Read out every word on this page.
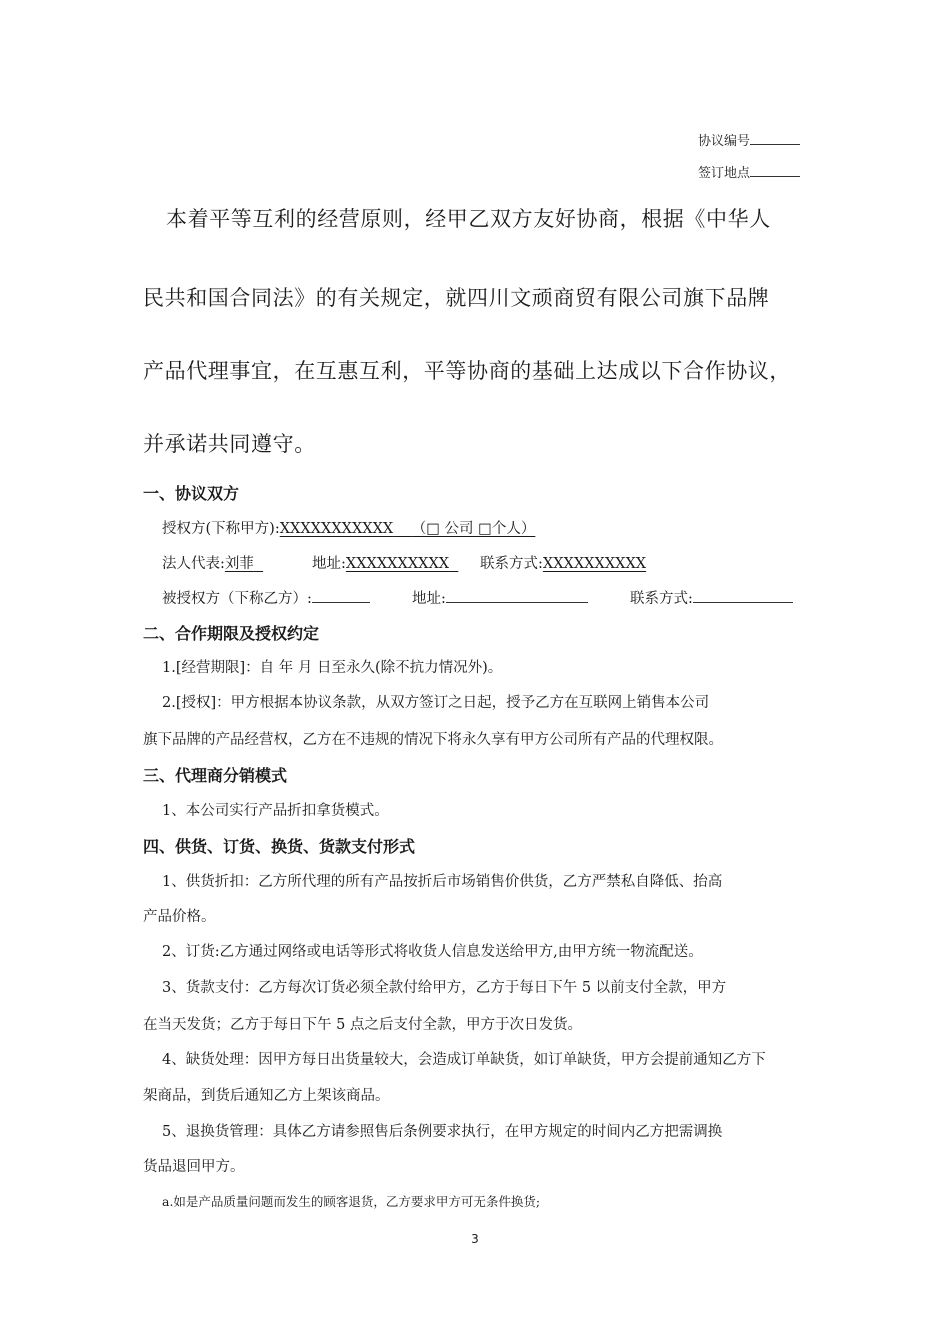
协议编号
签订地点
本着平等互利的经营原则，经甲乙双方友好协商，根据《中华人
民共和国合同法》的有关规定，就四川文顽商贸有限公司旗下品牌
产品代理事宜，在互惠互利，平等协商的基础上达成以下合作协议，
并承诺共同遵守。
一、协议双方
授权方(下称甲方):XXXXXXXXXXX （□ 公司 □个人）
法人代表:刘菲	地址:XXXXXXXXXX	联系方式:XXXXXXXXXX
被授权方（下称乙方）:	地址:	联系方式:
二、合作期限及授权约定
1.[经营期限]：自 年 月 日至永久(除不抗力情况外)。
2.[授权]：甲方根据本协议条款，从双方签订之日起，授予乙方在互联网上销售本公司
旗下品牌的产品经营权，乙方在不违规的情况下将永久享有甲方公司所有产品的代理权限。
三、代理商分销模式
1、本公司实行产品折扣拿货模式。
四、供货、订货、换货、货款支付形式
1、供货折扣：乙方所代理的所有产品按折后市场销售价供货，乙方严禁私自降低、抬高
产品价格。
2、订货:乙方通过网络或电话等形式将收货人信息发送给甲方,由甲方统一物流配送。
3、货款支付：乙方每次订货必须全款付给甲方，乙方于每日下午 5 以前支付全款，甲方
在当天发货；乙方于每日下午 5 点之后支付全款，甲方于次日发货。
4、缺货处理：因甲方每日出货量较大，会造成订单缺货，如订单缺货，甲方会提前通知乙方下
架商品，到货后通知乙方上架该商品。
5、退换货管理：具体乙方请参照售后条例要求执行，在甲方规定的时间内乙方把需调换
货品退回甲方。
a.如是产品质量问题而发生的顾客退货，乙方要求甲方可无条件换货;
3
